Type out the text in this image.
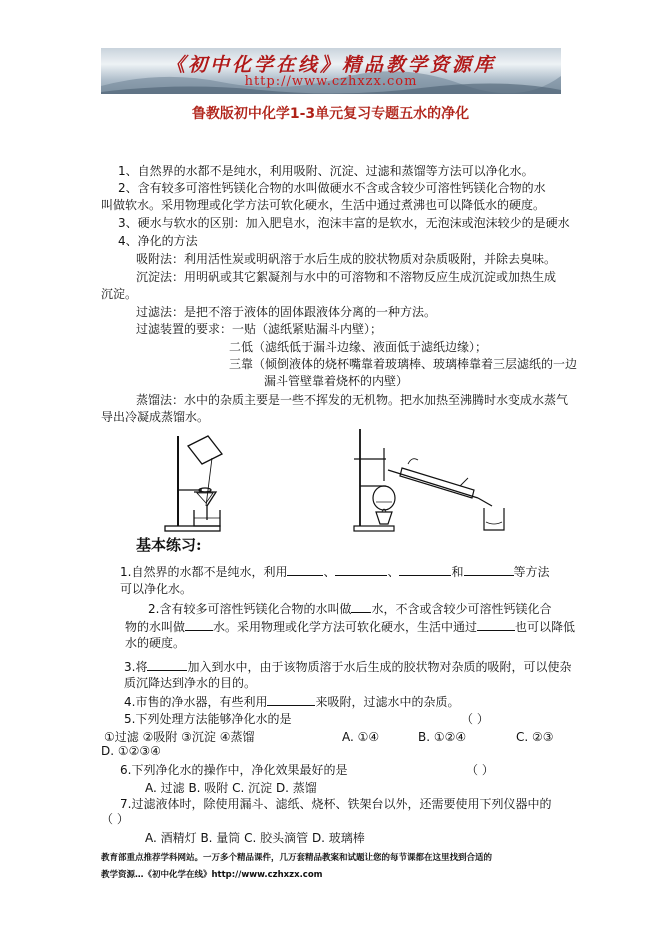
《初中化学在线》精品教学资源库
http://www.czhxzx.com
鲁教版初中化学1-3单元复习专题五水的净化
1、自然界的水都不是纯水，利用吸附、沉淀、过滤和蒸馏等方法可以净化水。
2、含有较多可溶性钙镁化合物的水叫做硬水不含或含较少可溶性钙镁化合物的水
叫做软水。采用物理或化学方法可软化硬水，生活中通过煮沸也可以降低水的硬度。
3、硬水与软水的区别：加入肥皂水，泡沫丰富的是软水，无泡沫或泡沫较少的是硬水
4、净化的方法
吸附法：利用活性炭或明矾溶于水后生成的胶状物质对杂质吸附，并除去臭味。
沉淀法：用明矾或其它絮凝剂与水中的可溶物和不溶物反应生成沉淀或加热生成
沉淀。
过滤法：是把不溶于液体的固体跟液体分离的一种方法。
过滤装置的要求：一贴（滤纸紧贴漏斗内壁）；
二低（滤纸低于漏斗边缘、液面低于滤纸边缘）；
三靠（倾倒液体的烧杯嘴靠着玻璃棒、玻璃棒靠着三层滤纸的一边
漏斗管壁靠着烧杯的内壁）
蒸馏法：水中的杂质主要是一些不挥发的无机物。把水加热至沸腾时水变成水蒸气
导出冷凝成蒸馏水。
基本练习:
1.自然界的水都不是纯水，利用	、	、	和	等方法
可以净化水。
2.含有较多可溶性钙镁化合物的水叫做 水，不含或含较少可溶性钙镁化合
物的水叫做 水。采用物理或化学方法可软化硬水，生活中通过	也可以降低
水的硬度。
3.将	加入到水中，由于该物质溶于水后生成的胶状物对杂质的吸附，可以使杂
质沉降达到净水的目的。
4.市售的净水器，有些利用	来吸附，过滤水中的杂质。
5.下列处理方法能够净化水的是	（ ）
①过滤 ②吸附 ③沉淀 ④蒸馏	A. ①④	B. ①②④	C. ②③
D. ①②③④
6.下列净化水的操作中，净化效果最好的是	（ ）
A. 过滤 B. 吸附 C. 沉淀 D. 蒸馏
7.过滤液体时，除使用漏斗、滤纸、烧杯、铁架台以外，还需要使用下列仪器中的
（ ）
A. 酒精灯 B. 量筒 C. 胶头滴管 D. 玻璃棒
教育部重点推荐学科网站。一万多个精品课件，几万套精品教案和试题让您的每节课都在这里找到合适的
教学资源…《初中化学在线》http://www.czhxzx.com
